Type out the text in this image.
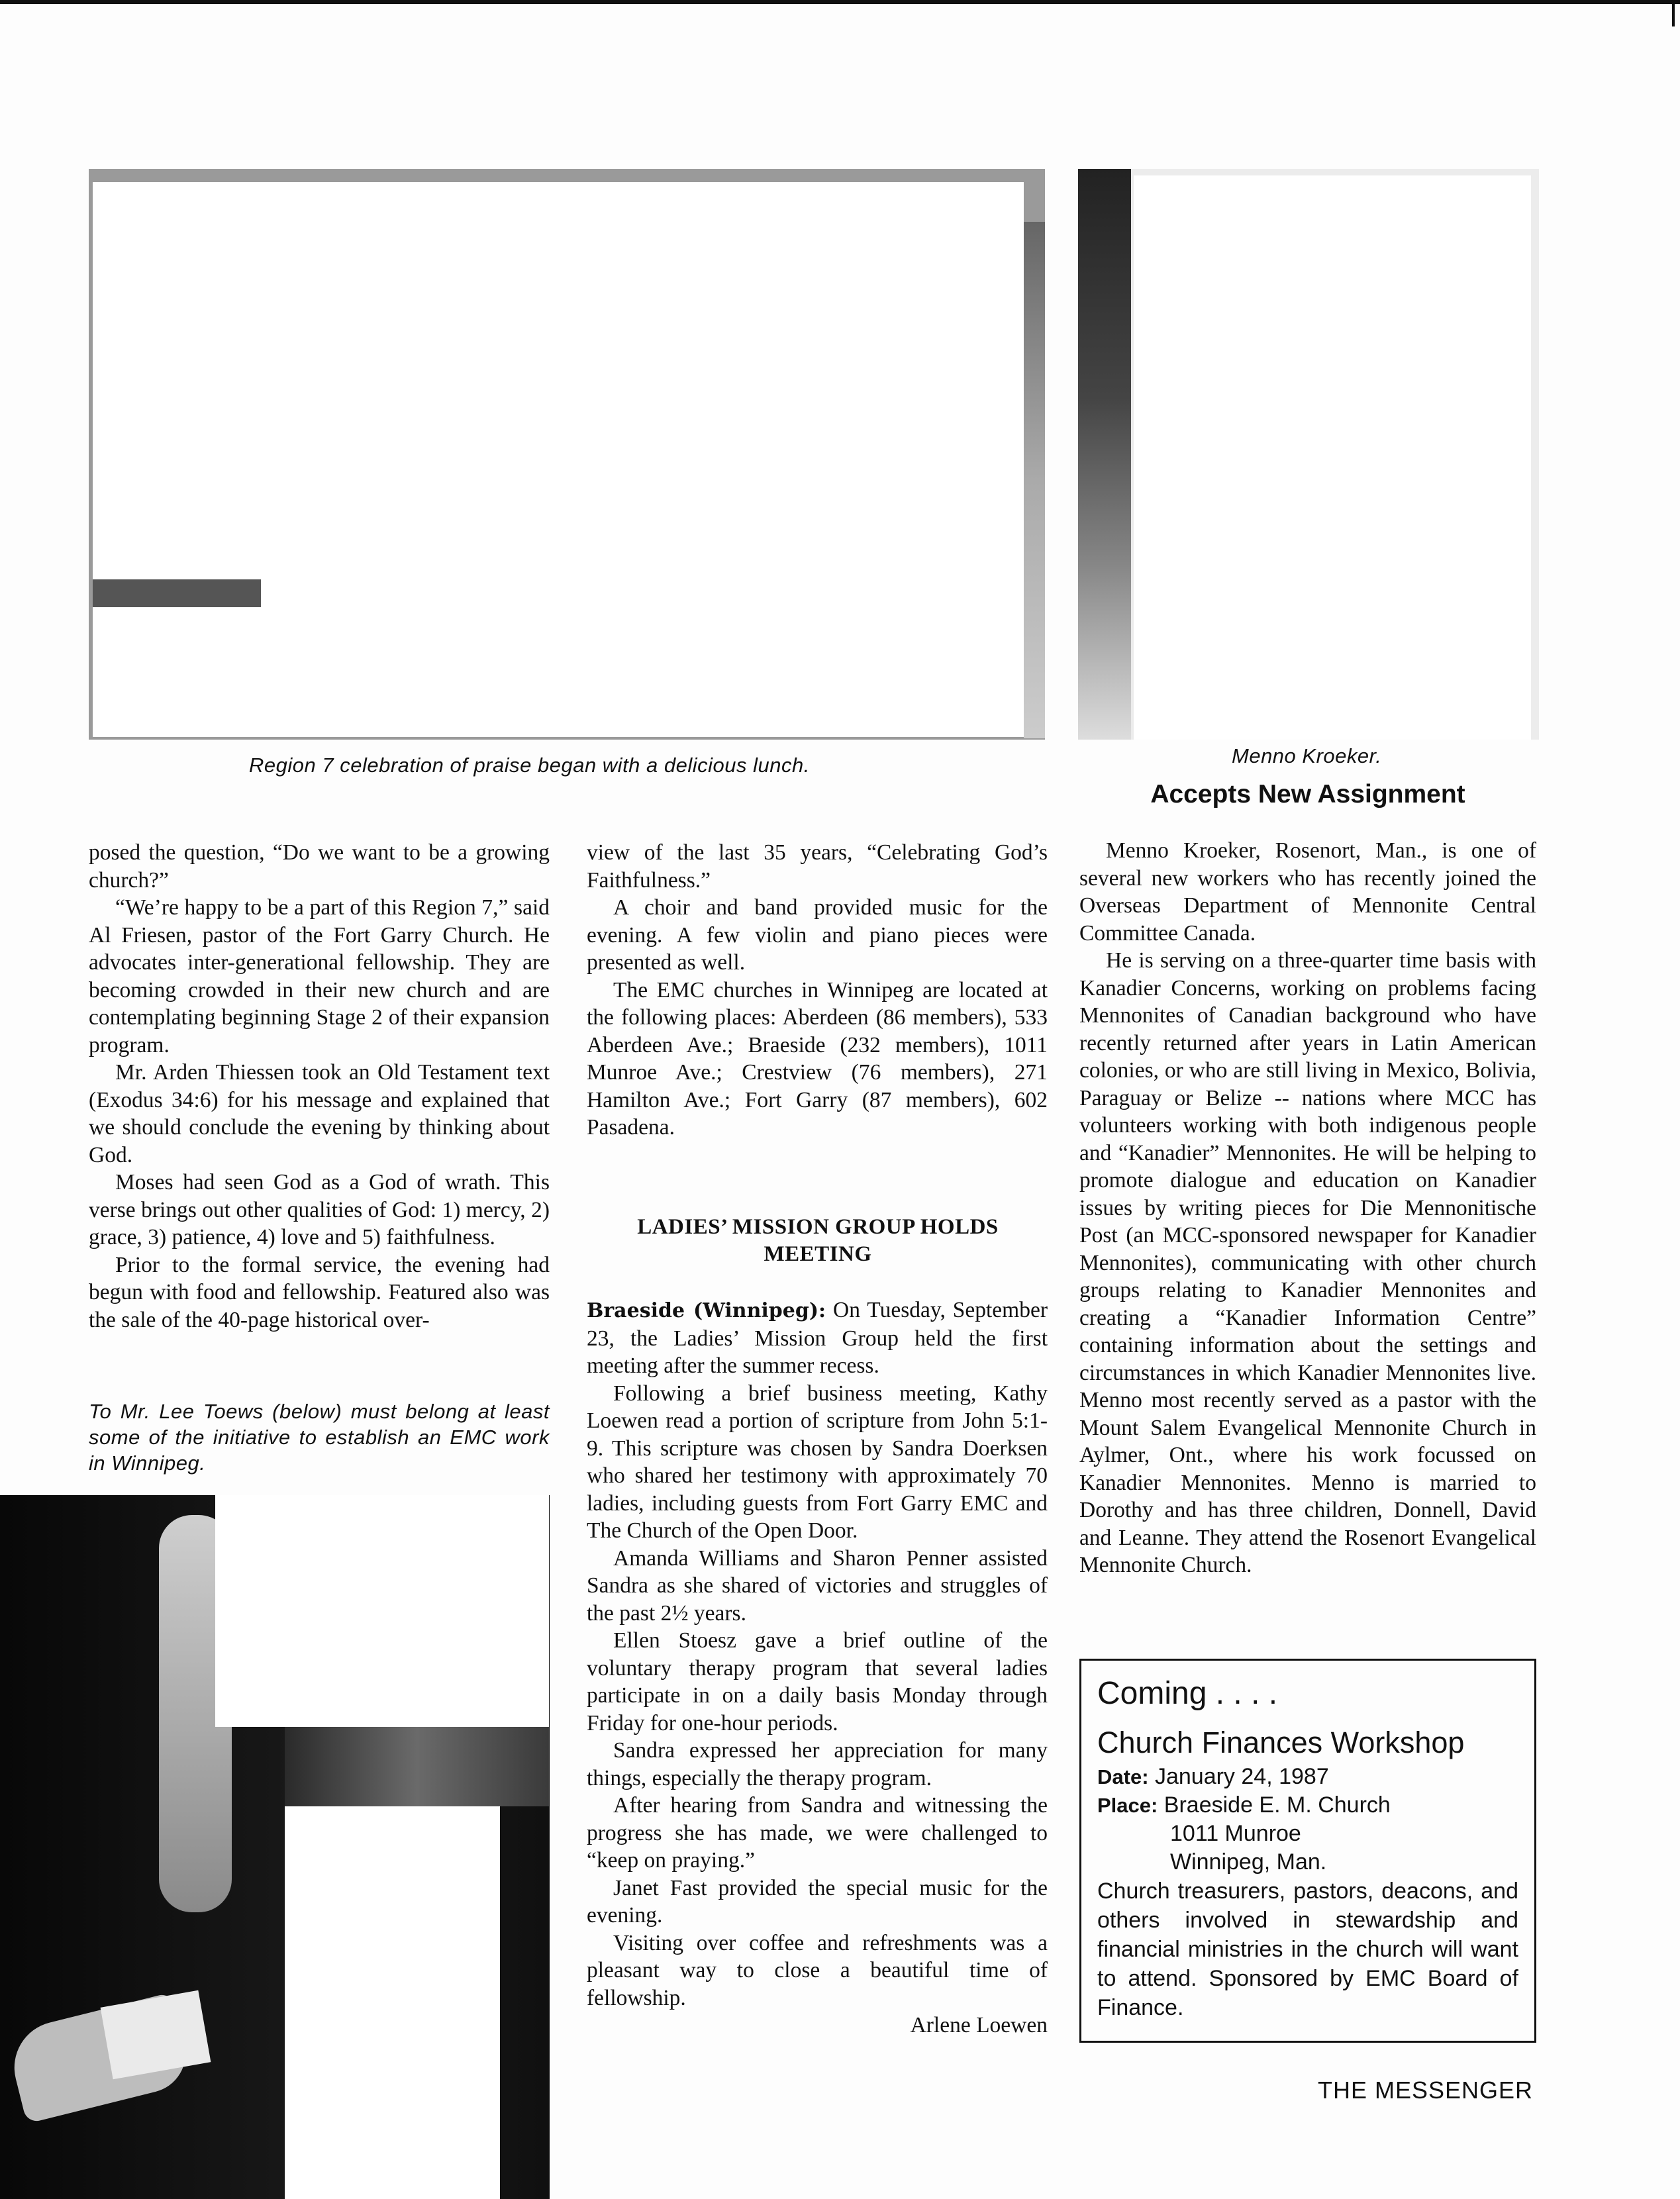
Region 7 celebration of praise began with a delicious lunch.	Menno Kroeker.
Accepts New Assignment

posed the question, “Do we want to be a growing church?”

“We’re happy to be a part of this Region 7,” said Al Friesen, pastor of the Fort Garry Church. He advocates inter-generational fellowship. They are becoming crowded in their new church and are contemplating beginning Stage 2 of their expansion program.

Mr. Arden Thiessen took an Old Testament text (Exodus 34:6) for his message and explained that we should conclude the evening by thinking about God.

Moses had seen God as a God of wrath. This verse brings out other qualities of God: 1) mercy, 2) grace, 3) patience, 4) love and 5) faithfulness.

Prior to the formal service, the evening had begun with food and fellowship. Featured also was the sale of the 40-page historical over-

To Mr. Lee Toews (below) must belong at least some of the initiative to establish an EMC work in Winnipeg.

view of the last 35 years, “Celebrating God’s Faithfulness.”

A choir and band provided music for the evening. A few violin and piano pieces were presented as well.

The EMC churches in Winnipeg are located at the following places: Aberdeen (86 members), 533 Aberdeen Ave.; Braeside (232 members), 1011 Munroe Ave.; Crestview (76 members), 271 Hamilton Ave.; Fort Garry (87 members), 602 Pasadena.

LADIES’ MISSION GROUP HOLDS MEETING

Braeside (Winnipeg): On Tuesday, September 23, the Ladies’ Mission Group held the first meeting after the summer recess.

Following a brief business meeting, Kathy Loewen read a portion of scripture from John 5:1-9. This scripture was chosen by Sandra Doerksen who shared her testimony with approximately 70 ladies, including guests from Fort Garry EMC and The Church of the Open Door.

Amanda Williams and Sharon Penner assisted Sandra as she shared of victories and struggles of the past 2½ years.

Ellen Stoesz gave a brief outline of the voluntary therapy program that several ladies participate in on a daily basis Monday through Friday for one-hour periods.

Sandra expressed her appreciation for many things, especially the therapy program.

After hearing from Sandra and witnessing the progress she has made, we were challenged to “keep on praying.”

Janet Fast provided the special music for the evening.

Visiting over coffee and refreshments was a pleasant way to close a beautiful time of fellowship.

Arlene Loewen

Menno Kroeker, Rosenort, Man., is one of several new workers who has recently joined the Overseas Department of Mennonite Central Committee Canada.

He is serving on a three-quarter time basis with Kanadier Concerns, working on problems facing Mennonites of Canadian background who have recently returned after years in Latin American colonies, or who are still living in Mexico, Bolivia, Paraguay or Belize -- nations where MCC has volunteers working with both indigenous people and “Kanadier” Mennonites. He will be helping to promote dialogue and education on Kanadier issues by writing pieces for Die Mennonitische Post (an MCC-sponsored newspaper for Kanadier Mennonites), communicating with other church groups relating to Kanadier Mennonites and creating a “Kanadier Information Centre” containing information about the settings and circumstances in which Kanadier Mennonites live. Menno most recently served as a pastor with the Mount Salem Evangelical Mennonite Church in Aylmer, Ont., where his work focussed on Kanadier Mennonites. Menno is married to Dorothy and has three children, Donnell, David and Leanne. They attend the Rosenort Evangelical Mennonite Church.

Coming . . . .
Church Finances Workshop
Date: January 24, 1987
Place: Braeside E. M. Church
1011 Munroe
Winnipeg, Man.
Church treasurers, pastors, deacons, and others involved in stewardship and financial ministries in the church will want to attend. Sponsored by EMC Board of Finance.
THE MESSENGER
